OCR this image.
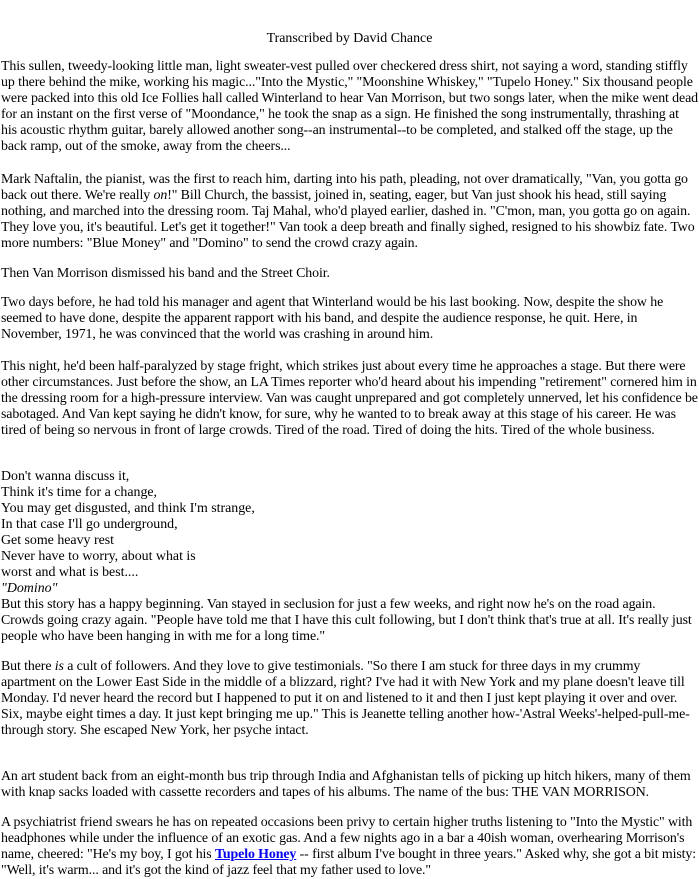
Transcribed by David Chance

This sullen, tweedy-looking little man, light sweater-vest pulled over checkered dress shirt, not saying a word, standing stiffly up there behind the mike, working his magic..."Into the Mystic," "Moonshine Whiskey," "Tupelo Honey." Six thousand people were packed into this old Ice Follies hall called Winterland to hear Van Morrison, but two songs later, when the mike went dead for an instant on the first verse of "Moondance," he took the snap as a sign. He finished the song instrumentally, thrashing at his acoustic rhythm guitar, barely allowed another song--an instrumental--to be completed, and stalked off the stage, up the back ramp, out of the smoke, away from the cheers...

Mark Naftalin, the pianist, was the first to reach him, darting into his path, pleading, not over dramatically, "Van, you gotta go back out there. We're really on!" Bill Church, the bassist, joined in, seating, eager, but Van just shook his head, still saying nothing, and marched into the dressing room. Taj Mahal, who'd played earlier, dashed in. "C'mon, man, you gotta go on again. They love you, it's beautiful. Let's get it together!" Van took a deep breath and finally sighed, resigned to his showbiz fate. Two more numbers: "Blue Money" and "Domino" to send the crowd crazy again.

Then Van Morrison dismissed his band and the Street Choir.

Two days before, he had told his manager and agent that Winterland would be his last booking. Now, despite the show he seemed to have done, despite the apparent rapport with his band, and despite the audience response, he quit. Here, in November, 1971, he was convinced that the world was crashing in around him.

This night, he'd been half-paralyzed by stage fright, which strikes just about every time he approaches a stage. But there were other circumstances. Just before the show, an LA Times reporter who'd heard about his impending "retirement" cornered him in the dressing room for a high-pressure interview. Van was caught unprepared and got completely unnerved, let his confidence be sabotaged. And Van kept saying he didn't know, for sure, why he wanted to to break away at this stage of his career. He was tired of being so nervous in front of large crowds. Tired of the road. Tired of doing the hits. Tired of the whole business.

Don't wanna discuss it,
Think it's time for a change,
You may get disgusted, and think I'm strange,
In that case I'll go underground,
Get some heavy rest
Never have to worry, about what is
worst and what is best....
"Domino"

But this story has a happy beginning. Van stayed in seclusion for just a few weeks, and right now he's on the road again. Crowds going crazy again. "People have told me that I have this cult following, but I don't think that's true at all. It's really just people who have been hanging in with me for a long time."

But there is a cult of followers. And they love to give testimonials. "So there I am stuck for three days in my crummy apartment on the Lower East Side in the middle of a blizzard, right? I've had it with New York and my plane doesn't leave till Monday. I'd never heard the record but I happened to put it on and listened to it and then I just kept playing it over and over. Six, maybe eight times a day. It just kept bringing me up." This is Jeanette telling another how-'Astral Weeks'-helped-pull-me-through story. She escaped New York, her psyche intact.

An art student back from an eight-month bus trip through India and Afghanistan tells of picking up hitch hikers, many of them with knap sacks loaded with cassette recorders and tapes of his albums. The name of the bus: THE VAN MORRISON.

A psychiatrist friend swears he has on repeated occasions been privy to certain higher truths listening to "Into the Mystic" with headphones while under the influence of an exotic gas. And a few nights ago in a bar a 40ish woman, overhearing Morrison's name, cheered: "He's my boy, I got his Tupelo Honey -- first album I've bought in three years." Asked why, she got a bit misty: "Well, it's warm... and it's got the kind of jazz feel that my father used to love."
